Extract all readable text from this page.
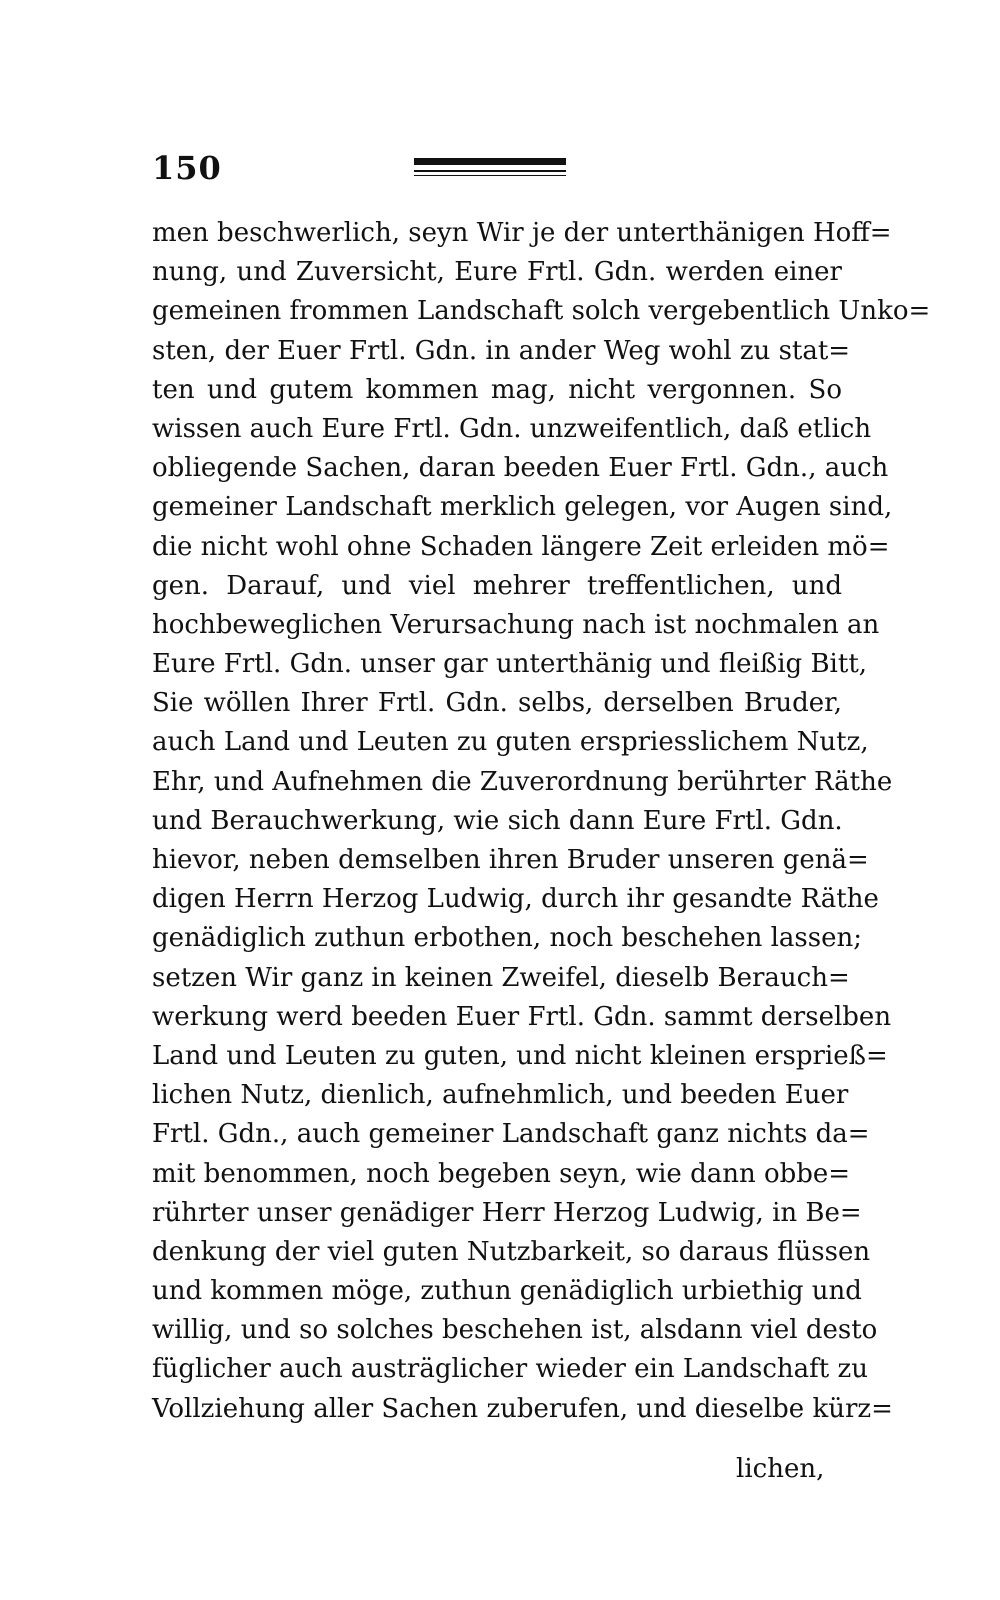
150
men beschwerlich, seyn Wir je der unterthänigen Hoff=
nung, und Zuversicht, Eure Frtl. Gdn. werden einer
gemeinen frommen Landschaft solch vergebentlich Unko=
sten, der Euer Frtl. Gdn. in ander Weg wohl zu stat=
ten und gutem kommen mag, nicht vergonnen. So
wissen auch Eure Frtl. Gdn. unzweifentlich, daß etlich
obliegende Sachen, daran beeden Euer Frtl. Gdn., auch
gemeiner Landschaft merklich gelegen, vor Augen sind,
die nicht wohl ohne Schaden längere Zeit erleiden mö=
gen. Darauf, und viel mehrer treffentlichen, und
hochbeweglichen Verursachung nach ist nochmalen an
Eure Frtl. Gdn. unser gar unterthänig und fleißig Bitt,
Sie wöllen Ihrer Frtl. Gdn. selbs, derselben Bruder,
auch Land und Leuten zu guten erspriesslichem Nutz,
Ehr, und Aufnehmen die Zuverordnung berührter Räthe
und Berauchwerkung, wie sich dann Eure Frtl. Gdn.
hievor, neben demselben ihren Bruder unseren genä=
digen Herrn Herzog Ludwig, durch ihr gesandte Räthe
genädiglich zuthun erbothen, noch beschehen lassen;
setzen Wir ganz in keinen Zweifel, dieselb Berauch=
werkung werd beeden Euer Frtl. Gdn. sammt derselben
Land und Leuten zu guten, und nicht kleinen ersprieß=
lichen Nutz, dienlich, aufnehmlich, und beeden Euer
Frtl. Gdn., auch gemeiner Landschaft ganz nichts da=
mit benommen, noch begeben seyn, wie dann obbe=
rührter unser genädiger Herr Herzog Ludwig, in Be=
denkung der viel guten Nutzbarkeit, so daraus flüssen
und kommen möge, zuthun genädiglich urbiethig und
willig, und so solches beschehen ist, alsdann viel desto
füglicher auch austräglicher wieder ein Landschaft zu
Vollziehung aller Sachen zuberufen, und dieselbe kürz=
lichen,
